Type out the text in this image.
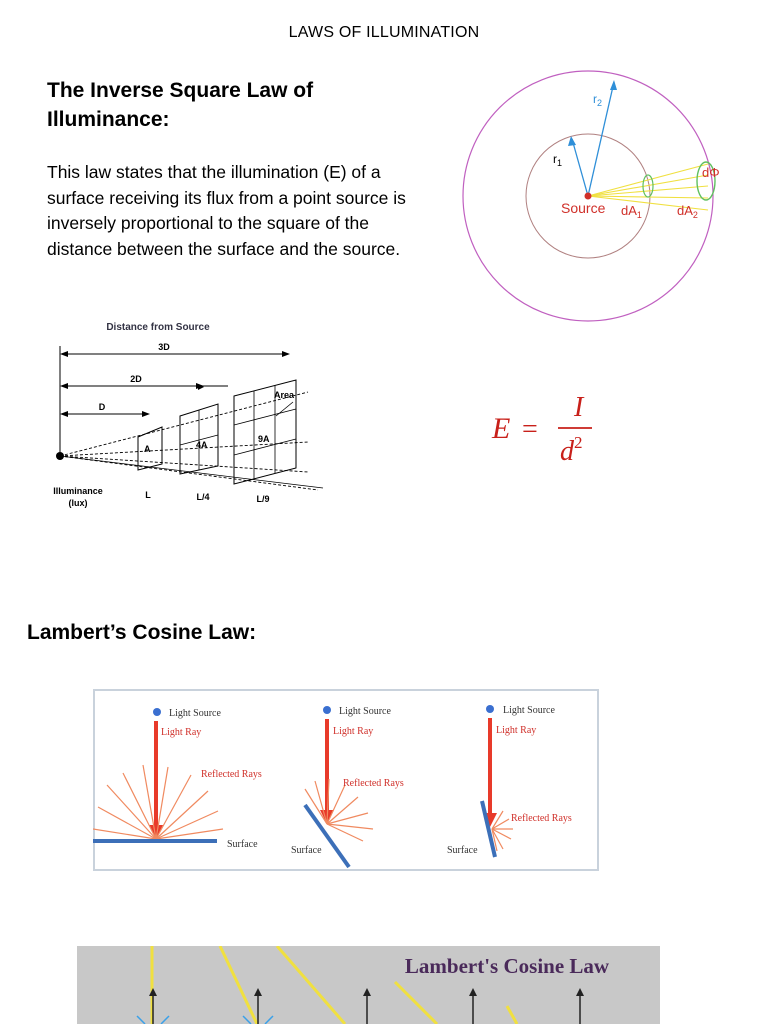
LAWS OF ILLUMINATION
The Inverse Square Law of Illuminance:
This law states that the illumination (E) of a surface receiving its flux from a point source is inversely proportional to the square of the distance between the surface and the source.
$r_2$
$r_1$
Source $dA_1$	$dA_2$
dΦ
Distance from Source
3D
2D
D
Area
A	4A
9A
Illuminance
(lux)
L	L/4	L/9
E =
I
$d^2$
Lambert’s Cosine Law:
Light Source
Light Ray
Reflected Rays
Surface
Light Source
Light Ray
Reflected Rays
Surface
Light Source
Light Ray
Reflected Rays
Surface
Lambert's Cosine Law
